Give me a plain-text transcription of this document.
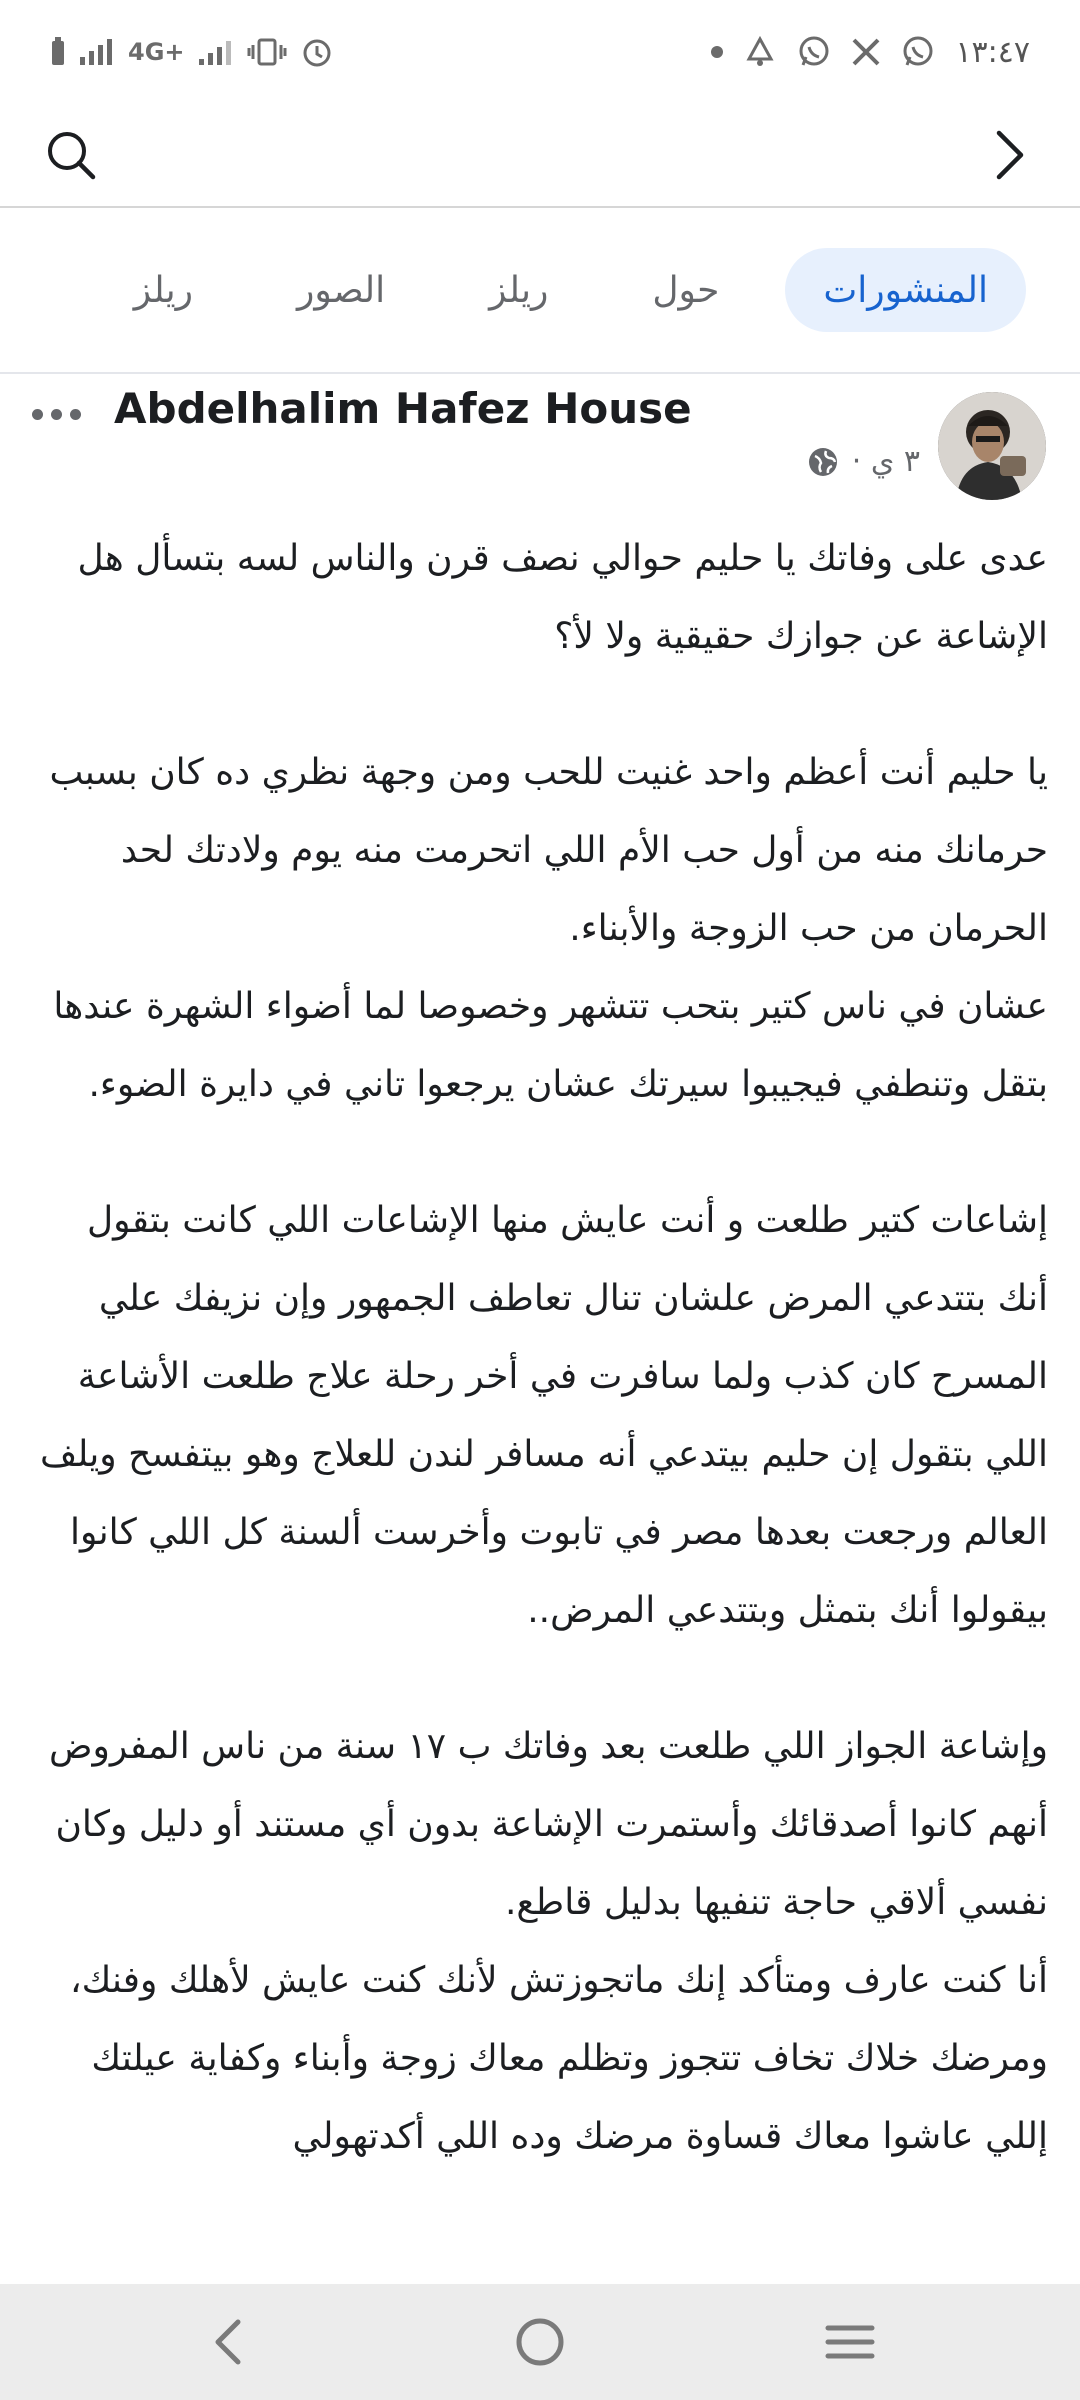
4G+	١٣:٤٧
المنشورات
حول
ريلز
الصور
ريلز
Abdelhalim Hafez House
٣ ي ·

عدى على وفاتك يا حليم حوالي نصف قرن والناس لسه بتسأل هل الإشاعة عن جوازك حقيقية ولا لأ؟

يا حليم أنت أعظم واحد غنيت للحب ومن وجهة نظري ده كان بسبب حرمانك منه من أول حب الأم اللي اتحرمت منه يوم ولادتك لحد الحرمان من حب الزوجة والأبناء.

عشان في ناس كتير بتحب تتشهر وخصوصا لما أضواء الشهرة عندها بتقل وتنطفي فيجيبوا سيرتك عشان يرجعوا تاني في دايرة الضوء.

إشاعات كتير طلعت و أنت عايش منها الإشاعات اللي كانت بتقول أنك بتتدعي المرض علشان تنال تعاطف الجمهور وإن نزيفك علي المسرح كان كذب ولما سافرت في أخر رحلة علاج طلعت الأشاعة اللي بتقول إن حليم بيتدعي أنه مسافر لندن للعلاج وهو بيتفسح ويلف العالم ورجعت بعدها مصر في تابوت وأخرست ألسنة كل اللي كانوا بيقولوا أنك بتمثل وبتتدعي المرض..

وإشاعة الجواز اللي طلعت بعد وفاتك ب ١٧ سنة من ناس المفروض أنهم كانوا أصدقائك وأستمرت الإشاعة بدون أي مستند أو دليل وكان نفسي ألاقي حاجة تنفيها بدليل قاطع.

أنا كنت عارف ومتأكد إنك ماتجوزتش لأنك كنت عايش لأهلك وفنك، ومرضك خلاك تخاف تتجوز وتظلم معاك زوجة وأبناء وكفاية عيلتك إللي عاشوا معاك قساوة مرضك وده اللي أكدتهولي
